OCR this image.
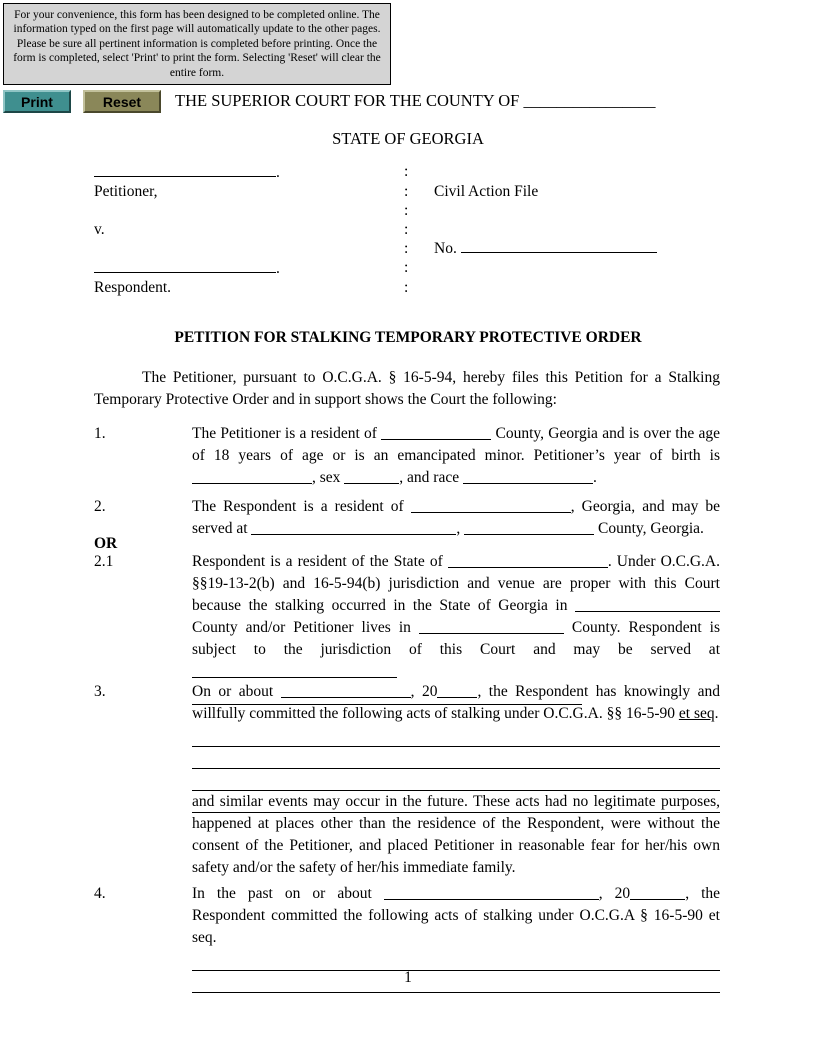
For your convenience, this form has been designed to be completed online. The information typed on the first page will automatically update to the other pages. Please be sure all pertinent information is completed before printing. Once the form is completed, select 'Print' to print the form. Selecting 'Reset' will clear the entire form.
Print	Reset	THE SUPERIOR COURT FOR THE COUNTY OF ________________
STATE OF GEORGIA
.	:

Petitioner,	:	Civil Action File

:

v.	:

:	No.
.	:

Respondent.	:

PETITION FOR STALKING TEMPORARY PROTECTIVE ORDER
The Petitioner, pursuant to O.C.G.A. § 16-5-94, hereby files this Petition for a Stalking Temporary Protective Order and in support shows the Court the following:
1.	The Petitioner is a resident of	County, Georgia and is over the age of 18 years of age or is an emancipated minor. Petitioner’s year of birth is , sex	, and race	.
2.	The Respondent is a resident of	, Georgia, and may be served at	,	County, Georgia.
OR
2.1	Respondent is a resident of the State of	. Under O.C.G.A. §§19-13-2(b) and 16-5-94(b) jurisdiction and venue are proper with this Court because the stalking occurred in the State of Georgia in  County and/or Petitioner lives in	County. Respondent is subject to the jurisdiction of this Court and may be served at
3.	On or about	, 20	, the Respondent has knowingly and willfully committed the following acts of stalking under O.C.G.A. §§ 16-5-90 et seq.
and similar events may occur in the future. These acts had no legitimate purposes, happened at places other than the residence of the Respondent, were without the consent of the Petitioner, and placed Petitioner in reasonable fear for her/his own safety and/or the safety of her/his immediate family.
4.	In the past on or about	, 20	, the Respondent committed the following acts of stalking under O.C.G.A § 16-5-90 et seq.
1
